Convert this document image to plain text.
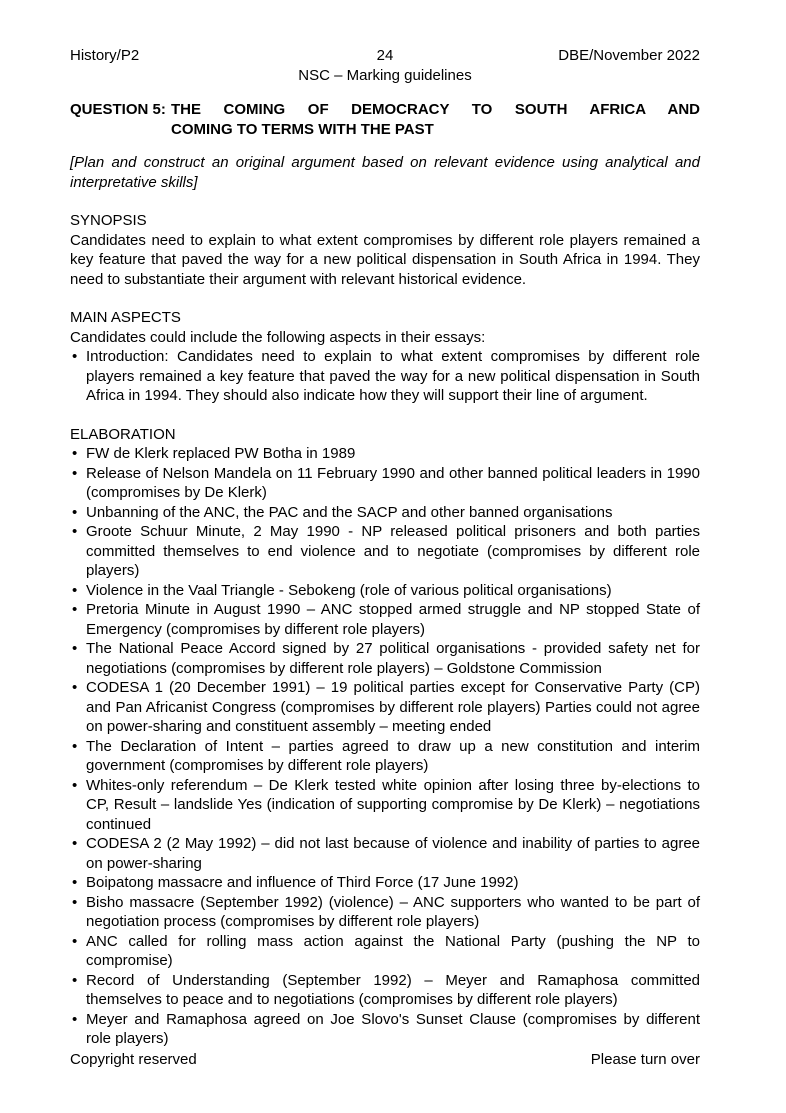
History/P2	24
NSC – Marking guidelines
DBE/November 2022
QUESTION 5: THE COMING OF DEMOCRACY TO SOUTH AFRICA AND
COMING TO TERMS WITH THE PAST

[Plan and construct an original argument based on relevant evidence using analytical and interpretative skills]

SYNOPSIS

Candidates need to explain to what extent compromises by different role players remained a key feature that paved the way for a new political dispensation in South Africa in 1994. They need to substantiate their argument with relevant historical evidence.

MAIN ASPECTS

Candidates could include the following aspects in their essays:

• Introduction: Candidates need to explain to what extent compromises by different role players remained a key feature that paved the way for a new political dispensation in South Africa in 1994. They should also indicate how they will support their line of argument.
ELABORATION
• FW de Klerk replaced PW Botha in 1989
• Release of Nelson Mandela on 11 February 1990 and other banned political leaders in 1990 (compromises by De Klerk)
• Unbanning of the ANC, the PAC and the SACP and other banned organisations
• Groote Schuur Minute, 2 May 1990 - NP released political prisoners and both parties committed themselves to end violence and to negotiate (compromises by different role players)
• Violence in the Vaal Triangle - Sebokeng (role of various political organisations)
• Pretoria Minute in August 1990 – ANC stopped armed struggle and NP stopped State of Emergency (compromises by different role players)
• The National Peace Accord signed by 27 political organisations - provided safety net for negotiations (compromises by different role players) – Goldstone Commission
• CODESA 1 (20 December 1991) – 19 political parties except for Conservative Party (CP) and Pan Africanist Congress (compromises by different role players) Parties could not agree on power-sharing and constituent assembly – meeting ended
• The Declaration of Intent – parties agreed to draw up a new constitution and interim government (compromises by different role players)
• Whites-only referendum – De Klerk tested white opinion after losing three by-elections to CP, Result – landslide Yes (indication of supporting compromise by De Klerk) – negotiations continued
• CODESA 2 (2 May 1992) – did not last because of violence and inability of parties to agree on power-sharing
• Boipatong massacre and influence of Third Force (17 June 1992)
• Bisho massacre (September 1992) (violence) – ANC supporters who wanted to be part of negotiation process (compromises by different role players)
• ANC called for rolling mass action against the National Party (pushing the NP to compromise)
• Record of Understanding (September 1992) – Meyer and Ramaphosa committed themselves to peace and to negotiations (compromises by different role players)
• Meyer and Ramaphosa agreed on Joe Slovo's Sunset Clause (compromises by different role players)
Copyright reserved	Please turn over
